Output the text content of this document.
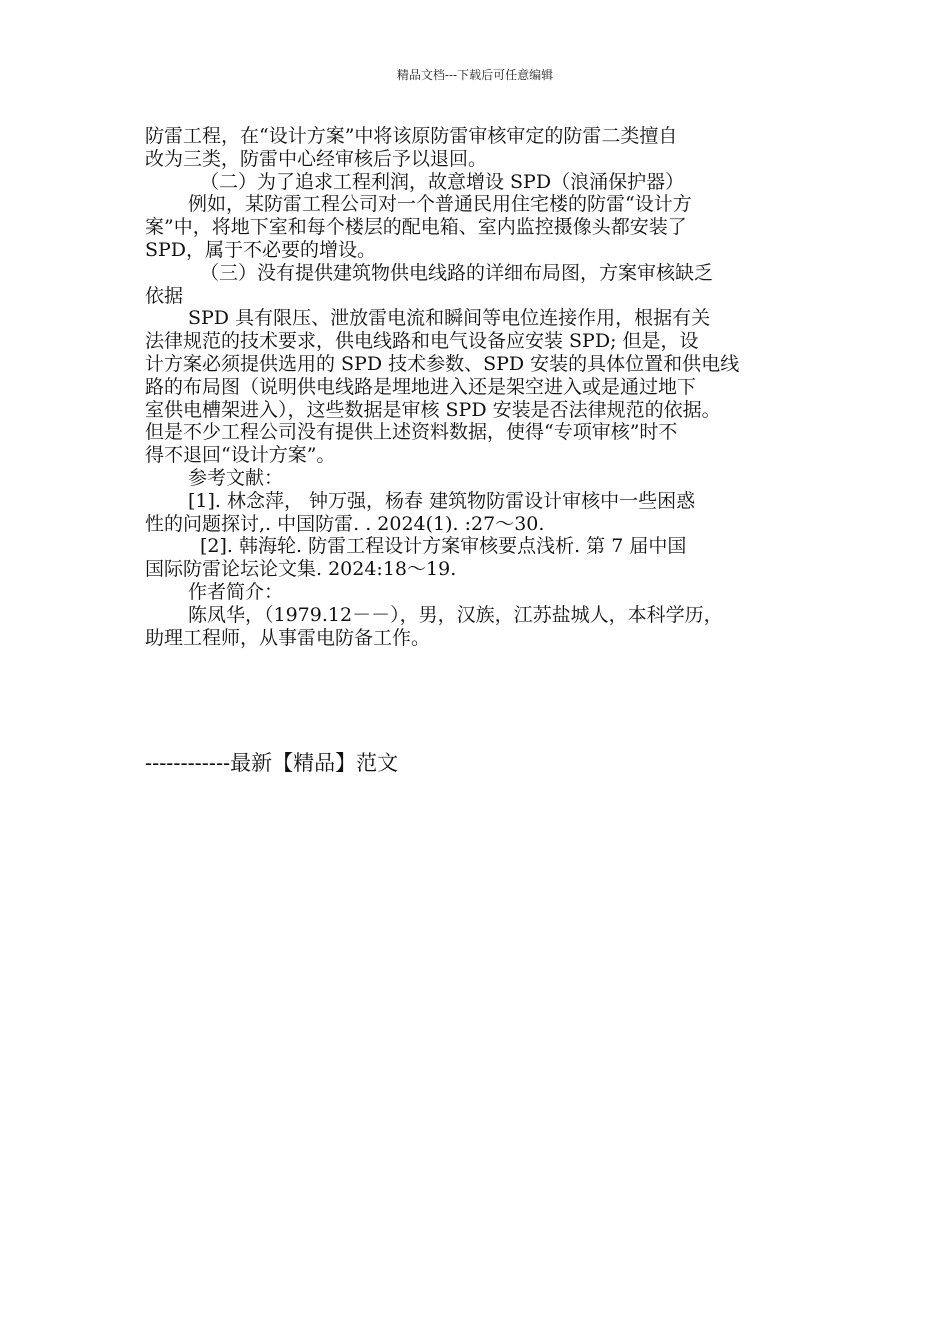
精品文档---下载后可任意编辑
防雷工程，在“设计方案”中将该原防雷审核审定的防雷二类擅自
改为三类，防雷中心经审核后予以退回。
（二）为了追求工程利润，故意增设 SPD（浪涌保护器）
例如，某防雷工程公司对一个普通民用住宅楼的防雷“设计方
案”中，将地下室和每个楼层的配电箱、室内监控摄像头都安装了
SPD，属于不必要的增设。
（三）没有提供建筑物供电线路的详细布局图，方案审核缺乏
依据
SPD 具有限压、泄放雷电流和瞬间等电位连接作用，根据有关
法律规范的技术要求，供电线路和电气设备应安装 SPD; 但是，设
计方案必须提供选用的 SPD 技术参数、SPD 安装的具体位置和供电线
路的布局图（说明供电线路是埋地进入还是架空进入或是通过地下
室供电槽架进入），这些数据是审核 SPD 安装是否法律规范的依据。
但是不少工程公司没有提供上述资料数据，使得“专项审核”时不
得不退回“设计方案”。
参考文献：
[1]. 林念萍， 钟万强，杨春 建筑物防雷设计审核中一些困惑
性的问题探讨,. 中国防雷. . 2024(1). :27～30.
[2]. 韩海轮. 防雷工程设计方案审核要点浅析. 第 7 届中国
国际防雷论坛论文集. 2024:18～19.
作者简介：
陈凤华，（1979.12－－），男，汉族，江苏盐城人，本科学历，
助理工程师，从事雷电防备工作。
------------最新【精品】范文
